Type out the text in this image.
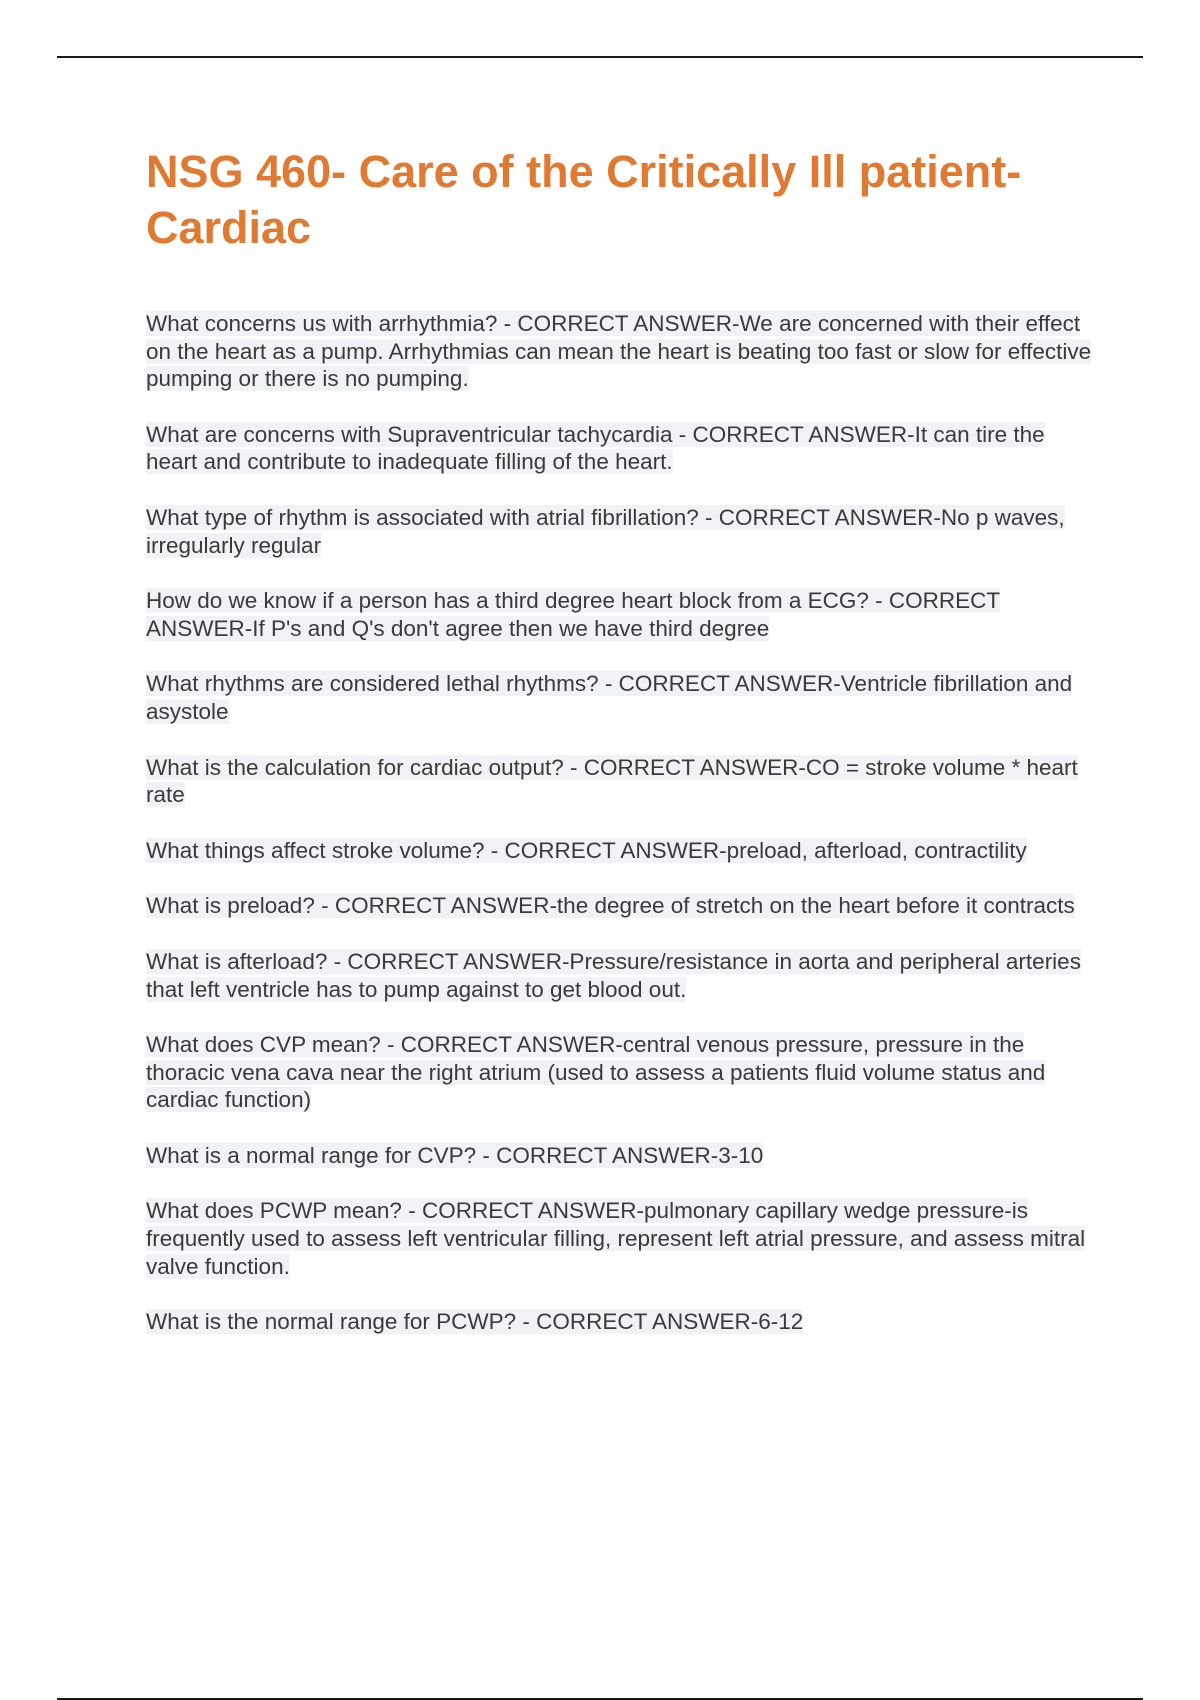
NSG 460- Care of the Critically Ill patient-Cardiac

What concerns us with arrhythmia? - CORRECT ANSWER-We are concerned with their effect on the heart as a pump. Arrhythmias can mean the heart is beating too fast or slow for effective pumping or there is no pumping.

What are concerns with Supraventricular tachycardia - CORRECT ANSWER-It can tire the heart and contribute to inadequate filling of the heart.

What type of rhythm is associated with atrial fibrillation? - CORRECT ANSWER-No p waves, irregularly regular

How do we know if a person has a third degree heart block from a ECG? - CORRECT ANSWER-If P's and Q's don't agree then we have third degree

What rhythms are considered lethal rhythms? - CORRECT ANSWER-Ventricle fibrillation and asystole

What is the calculation for cardiac output? - CORRECT ANSWER-CO = stroke volume * heart rate

What things affect stroke volume? - CORRECT ANSWER-preload, afterload, contractility

What is preload? - CORRECT ANSWER-the degree of stretch on the heart before it contracts

What is afterload? - CORRECT ANSWER-Pressure/resistance in aorta and peripheral arteries that left ventricle has to pump against to get blood out.

What does CVP mean? - CORRECT ANSWER-central venous pressure, pressure in the thoracic vena cava near the right atrium (used to assess a patients fluid volume status and cardiac function)

What is a normal range for CVP? - CORRECT ANSWER-3-10

What does PCWP mean? - CORRECT ANSWER-pulmonary capillary wedge pressure-is frequently used to assess left ventricular filling, represent left atrial pressure, and assess mitral valve function.

What is the normal range for PCWP? - CORRECT ANSWER-6-12
